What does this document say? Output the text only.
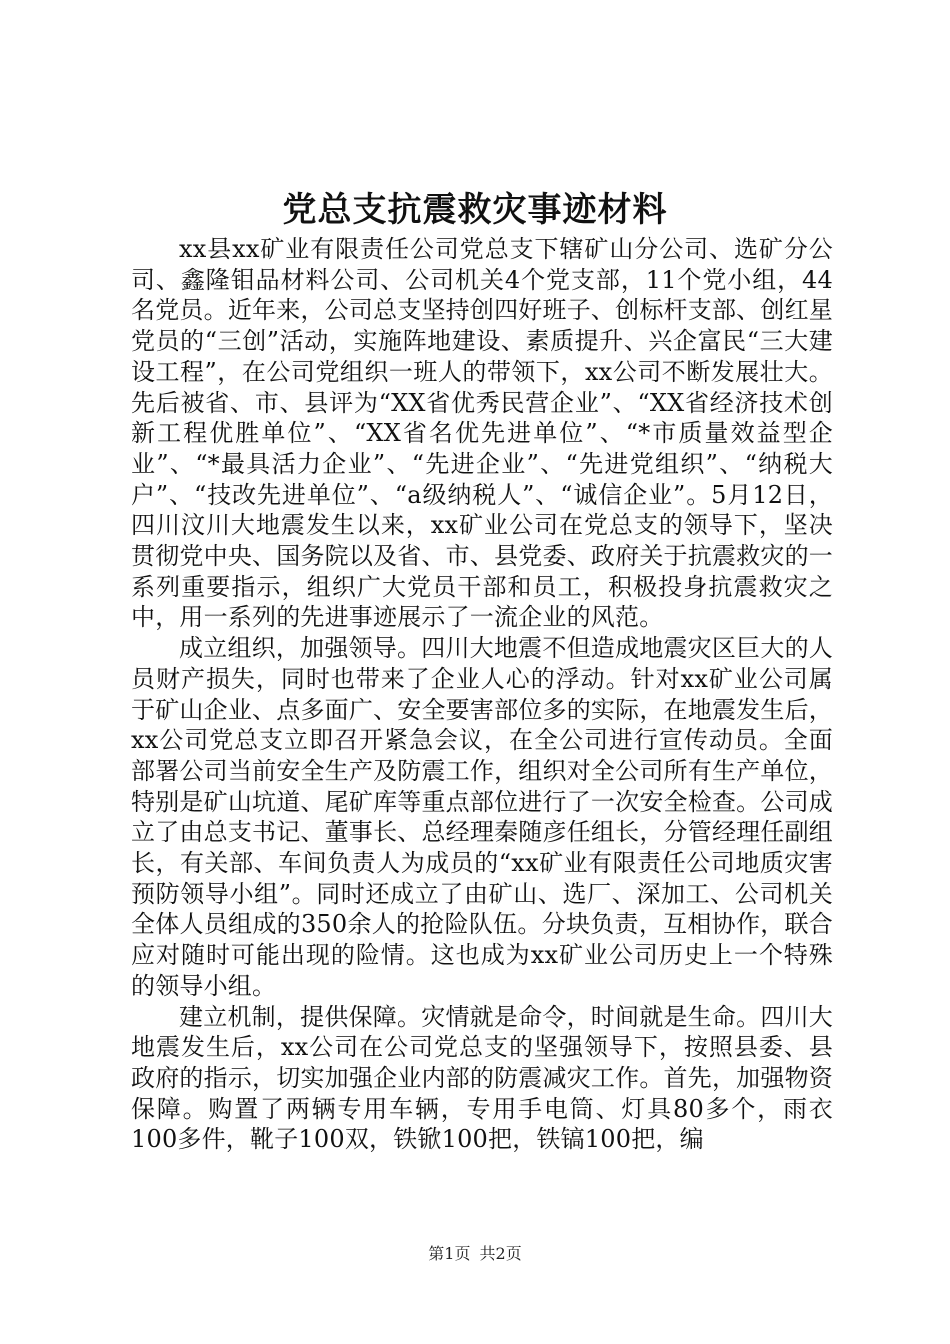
党总支抗震救灾事迹材料

xx县xx矿业有限责任公司党总支下辖矿山分公司、选矿分公司、鑫隆钼品材料公司、公司机关4个党支部，11个党小组，44名党员。近年来，公司总支坚持创四好班子、创标杆支部、创红星党员的“三创”活动，实施阵地建设、素质提升、兴企富民“三大建设工程”，在公司党组织一班人的带领下，xx公司不断发展壮大。先后被省、市、县评为“XX省优秀民营企业”、“XX省经济技术创新工程优胜单位”、“XX省名优先进单位”、“*市质量效益型企业”、“*最具活力企业”、“先进企业”、“先进党组织”、“纳税大户”、“技改先进单位”、“a级纳税人”、“诚信企业”。5月12日，四川汶川大地震发生以来，xx矿业公司在党总支的领导下，坚决贯彻党中央、国务院以及省、市、县党委、政府关于抗震救灾的一系列重要指示，组织广大党员干部和员工，积极投身抗震救灾之中，用一系列的先进事迹展示了一流企业的风范。

成立组织，加强领导。四川大地震不但造成地震灾区巨大的人员财产损失，同时也带来了企业人心的浮动。针对xx矿业公司属于矿山企业、点多面广、安全要害部位多的实际，在地震发生后，xx公司党总支立即召开紧急会议，在全公司进行宣传动员。全面部署公司当前安全生产及防震工作，组织对全公司所有生产单位，特别是矿山坑道、尾矿库等重点部位进行了一次安全检查。公司成立了由总支书记、董事长、总经理秦随彦任组长，分管经理任副组长，有关部、车间负责人为成员的“xx矿业有限责任公司地质灾害预防领导小组”。同时还成立了由矿山、选厂、深加工、公司机关全体人员组成的350余人的抢险队伍。分块负责，互相协作，联合应对随时可能出现的险情。这也成为xx矿业公司历史上一个特殊的领导小组。

建立机制，提供保障。灾情就是命令，时间就是生命。四川大地震发生后，xx公司在公司党总支的坚强领导下，按照县委、县政府的指示，切实加强企业内部的防震减灾工作。首先，加强物资保障。购置了两辆专用车辆，专用手电筒、灯具80多个，雨衣100多件，靴子100双，铁锨100把，铁镐100把，编

第1页 共2页
